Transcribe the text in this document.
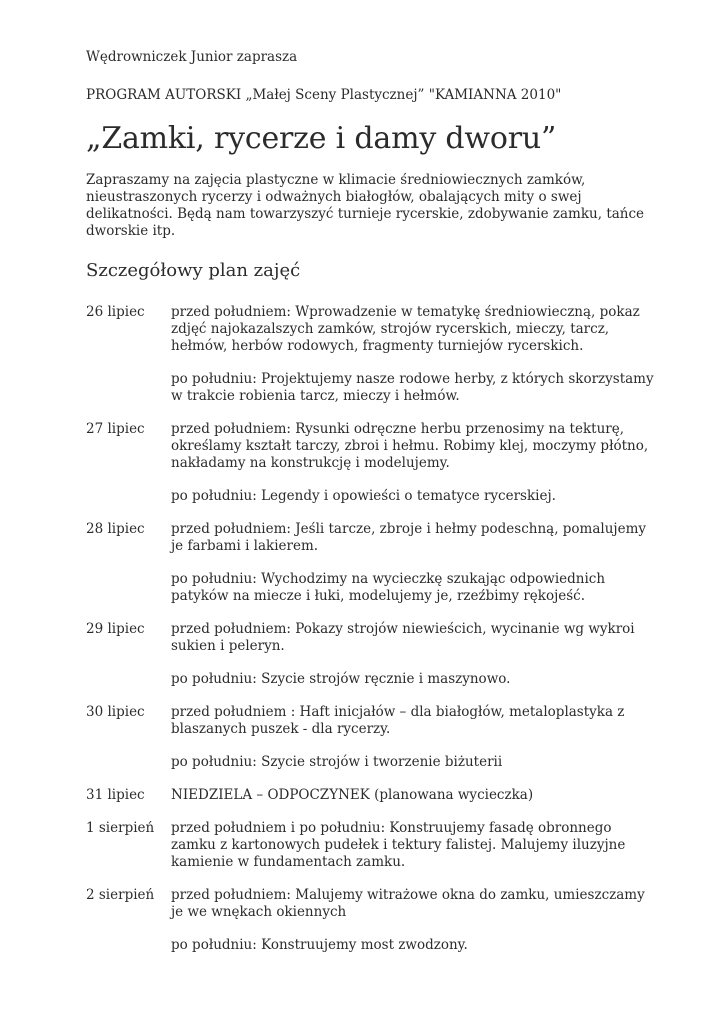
Wędrowniczek Junior zaprasza

PROGRAM AUTORSKI „Małej Sceny Plastycznej” "KAMIANNA 2010"

„Zamki, rycerze i damy dworu”

Zapraszamy na zajęcia plastyczne w klimacie średniowiecznych zamków, nieustraszonych rycerzy i odważnych białogłów, obalających mity o swej delikatności. Będą nam towarzyszyć turnieje rycerskie, zdobywanie zamku, tańce dworskie itp.

Szczegółowy plan zajęć
26 lipiec	przed południem: Wprowadzenie w tematykę średniowieczną, pokaz zdjęć najokazalszych zamków, strojów rycerskich, mieczy, tarcz, hełmów, herbów rodowych, fragmenty turniejów rycerskich.

po południu: Projektujemy nasze rodowe herby, z których skorzystamy w trakcie robienia tarcz, mieczy i hełmów.

27 lipiec	przed południem: Rysunki odręczne herbu przenosimy na tekturę, określamy kształt tarczy, zbroi i hełmu. Robimy klej, moczymy płótno, nakładamy na konstrukcję i modelujemy.

po południu: Legendy i opowieści o tematyce rycerskiej.

28 lipiec	przed południem: Jeśli tarcze, zbroje i hełmy podeschną, pomalujemy je farbami i lakierem.

po południu: Wychodzimy na wycieczkę szukając odpowiednich patyków na miecze i łuki, modelujemy je, rzeźbimy rękojeść.

29 lipiec	przed południem: Pokazy strojów niewieścich, wycinanie wg wykroi sukien i peleryn.

po południu: Szycie strojów ręcznie i maszynowo.

30 lipiec	przed południem : Haft inicjałów – dla białogłów, metaloplastyka z blaszanych puszek - dla rycerzy.

po południu: Szycie strojów i tworzenie biżuterii

31 lipiec	NIEDZIELA – ODPOCZYNEK (planowana wycieczka)

1 sierpień	przed południem i po południu: Konstruujemy fasadę obronnego zamku z kartonowych pudełek i tektury falistej. Malujemy iluzyjne kamienie w fundamentach zamku.

2 sierpień	przed południem: Malujemy witrażowe okna do zamku, umieszczamy je we wnękach okiennych

po południu: Konstruujemy most zwodzony.
